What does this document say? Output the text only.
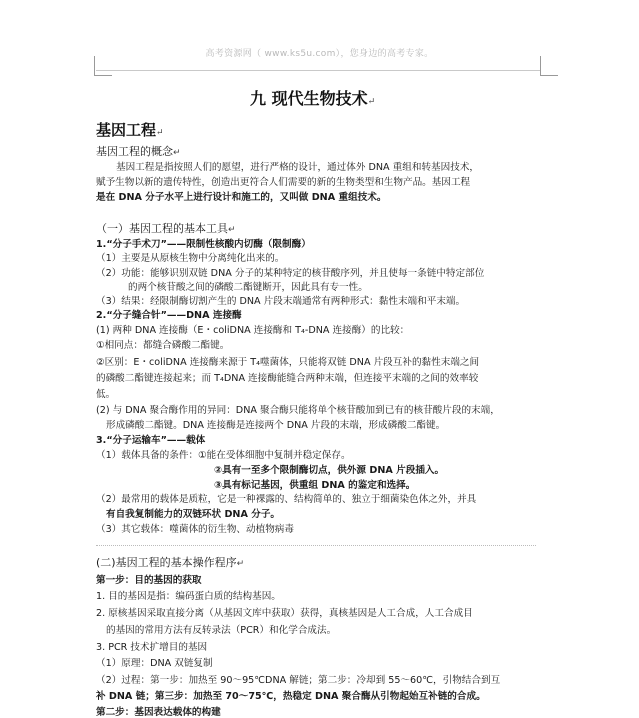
高考资源网（ www.ks5u.com），您身边的高考专家。
九 现代生物技术↵
基因工程↵
基因工程的概念↵
基因工程是指按照人们的愿望，进行严格的设计，通过体外 DNA 重组和转基因技术，
赋予生物以新的遗传特性，创造出更符合人们需要的新的生物类型和生物产品。基因工程
是在 DNA 分子水平上进行设计和施工的，又叫做 DNA 重组技术。
（一）基因工程的基本工具↵
1.“分子手术刀”——限制性核酸内切酶（限制酶）
（1）主要是从原核生物中分离纯化出来的。
（2）功能：能够识别双链 DNA 分子的某种特定的核苷酸序列，并且使每一条链中特定部位
的两个核苷酸之间的磷酸二酯键断开，因此具有专一性。
（3）结果：经限制酶切割产生的 DNA 片段末端通常有两种形式：黏性末端和平末端。
2.“分子缝合针”——DNA 连接酶
(1) 两种 DNA 连接酶（E・coliDNA 连接酶和 T₄-DNA 连接酶）的比较：
①相同点：都缝合磷酸二酯键。
②区别：E・coliDNA 连接酶来源于 T₄噬菌体，只能将双链 DNA 片段互补的黏性末端之间
的磷酸二酯键连接起来；而 T₄DNA 连接酶能缝合两种末端，但连接平末端的之间的效率较
低。
(2) 与 DNA 聚合酶作用的异同：DNA 聚合酶只能将单个核苷酸加到已有的核苷酸片段的末端，
形成磷酸二酯键。DNA 连接酶是连接两个 DNA 片段的末端，形成磷酸二酯键。
3.“分子运输车”——载体
（1）载体具备的条件：①能在受体细胞中复制并稳定保存。
②具有一至多个限制酶切点，供外源 DNA 片段插入。
③具有标记基因，供重组 DNA 的鉴定和选择。
（2）最常用的载体是质粒，它是一种裸露的、结构简单的、独立于细菌染色体之外，并具
有自我复制能力的双链环状 DNA 分子。
（3）其它载体：噬菌体的衍生物、动植物病毒
(二)基因工程的基本操作程序↵
第一步：目的基因的获取
1. 目的基因是指：编码蛋白质的结构基因。
2. 原核基因采取直接分离（从基因文库中获取）获得，真核基因是人工合成，人工合成目
的基因的常用方法有反转录法（PCR）和化学合成法。
3. PCR 技术扩增目的基因
（1）原理：DNA 双链复制
（2）过程：第一步：加热至 90～95℃DNA 解链；第二步：冷却到 55～60℃，引物结合到互
补 DNA 链；第三步：加热至 70～75℃，热稳定 DNA 聚合酶从引物起始互补链的合成。
第二步：基因表达载体的构建
